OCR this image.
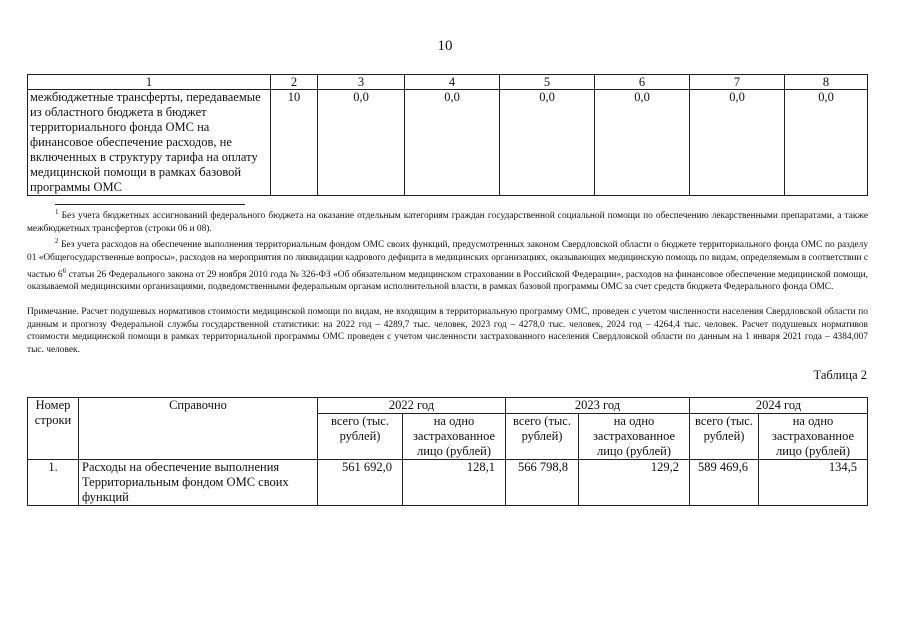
10
1	2	3	4	5	6	7	8
межбюджетные трансферты, передаваемые из областного бюджета в бюджет территориального фонда ОМС на финансовое обеспечение расходов, не включенных в структуру тарифа на оплату медицинской помощи в рамках базовой программы ОМС	10	0,0	0,0	0,0	0,0	0,0	0,0

$^1$ Без учета бюджетных ассигнований федерального бюджета на оказание отдельным категориям граждан государственной социальной помощи по обеспечению лекарственными препаратами, а также межбюджетных трансфертов (строки 06 и 08).

$^2$ Без учета расходов на обеспечение выполнения территориальным фондом ОМС своих функций, предусмотренных законом Свердловской области о бюджете территориального фонда ОМС по разделу 01 «Общегосударственные вопросы», расходов на мероприятия по ликвидации кадрового дефицита в медицинских организациях, оказывающих медицинскую помощь по видам, определяемым в соответствии с частью $6^6$ статьи 26 Федерального закона от 29 ноября 2010 года № 326-ФЗ «Об обязательном медицинском страховании в Российской Федерации», расходов на финансовое обеспечение медицинской помощи, оказываемой медицинскими организациями, подведомственными федеральным органам исполнительной власти, в рамках базовой программы ОМС за счет средств бюджета Федерального фонда ОМС.

Примечание. Расчет подушевых нормативов стоимости медицинской помощи по видам, не входящим в территориальную программу ОМС, проведен с учетом численности населения Свердловской области по данным и прогнозу Федеральной службы государственной статистики: на 2022 год – 4289,7 тыс. человек, 2023 год – 4278,0 тыс. человек, 2024 год – 4264,4 тыс. человек. Расчет подушевых нормативов стоимости медицинской помощи в рамках территориальной программы ОМС проведен с учетом численности застрахованного населения Свердловской области по данным на 1 января 2021 года – 4384,007 тыс. человек.

Таблица 2
Номер строки	Справочно	2022 год		2023 год		2024 год	
		всего (тыс. рублей)	на одно застрахованное лицо (рублей)	всего (тыс. рублей)	на одно застрахованное лицо (рублей)	всего (тыс. рублей)	на одно застрахованное лицо (рублей)
1.	Расходы на обеспечение выполнения Территориальным фондом ОМС своих функций	561 692,0	128,1	566 798,8	129,2	589 469,6	134,5
